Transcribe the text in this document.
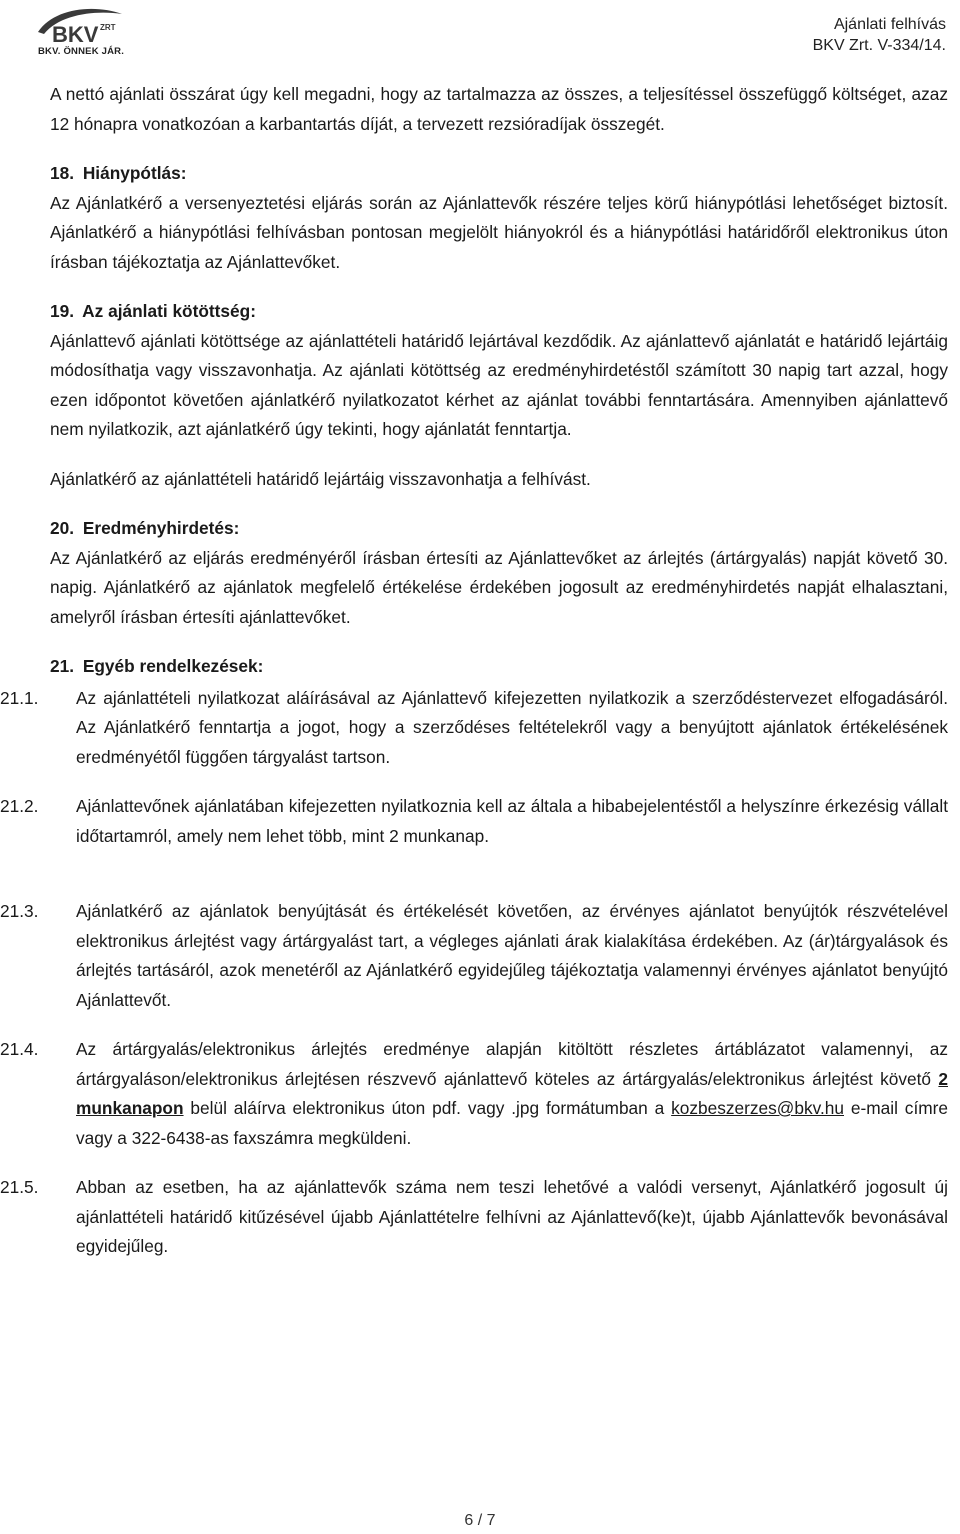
BKV ZRT
BKV. ÖNNEK JÁR.
Ajánlati felhívás
BKV Zrt. V-334/14.

A nettó ajánlati összárat úgy kell megadni, hogy az tartalmazza az összes, a teljesítéssel összefüggő költséget, azaz 12 hónapra vonatkozóan a karbantartás díját, a tervezett rezsióradíjak összegét.

18. Hiánypótlás:

Az Ajánlatkérő a versenyeztetési eljárás során az Ajánlattevők részére teljes körű hiánypótlási lehetőséget biztosít. Ajánlatkérő a hiánypótlási felhívásban pontosan megjelölt hiányokról és a hiánypótlási határidőről elektronikus úton írásban tájékoztatja az Ajánlattevőket.

19. Az ajánlati kötöttség:

Ajánlattevő ajánlati kötöttsége az ajánlattételi határidő lejártával kezdődik. Az ajánlattevő ajánlatát e határidő lejártáig módosíthatja vagy visszavonhatja. Az ajánlati kötöttség az eredményhirdetéstől számított 30 napig tart azzal, hogy ezen időpontot követően ajánlatkérő nyilatkozatot kérhet az ajánlat további fenntartására. Amennyiben ajánlattevő nem nyilatkozik, azt ajánlatkérő úgy tekinti, hogy ajánlatát fenntartja.

Ajánlatkérő az ajánlattételi határidő lejártáig visszavonhatja a felhívást.

20. Eredményhirdetés:

Az Ajánlatkérő az eljárás eredményéről írásban értesíti az Ajánlattevőket az árlejtés (ártárgyalás) napját követő 30. napig. Ajánlatkérő az ajánlatok megfelelő értékelése érdekében jogosult az eredményhirdetés napját elhalasztani, amelyről írásban értesíti ajánlattevőket.

21. Egyéb rendelkezések:
21.1.	Az ajánlattételi nyilatkozat aláírásával az Ajánlattevő kifejezetten nyilatkozik a szerződéstervezet elfogadásáról. Az Ajánlatkérő fenntartja a jogot, hogy a szerződéses feltételekről vagy a benyújtott ajánlatok értékelésének eredményétől függően tárgyalást tartson.

21.2.	Ajánlattevőnek ajánlatában kifejezetten nyilatkoznia kell az általa a hibabejelentéstől a helyszínre érkezésig vállalt időtartamról, amely nem lehet több, mint 2 munkanap.

21.3.	Ajánlatkérő az ajánlatok benyújtását és értékelését követően, az érvényes ajánlatot benyújtók részvételével elektronikus árlejtést vagy ártárgyalást tart, a végleges ajánlati árak kialakítása érdekében. Az (ár)tárgyalások és árlejtés tartásáról, azok menetéről az Ajánlatkérő egyidejűleg tájékoztatja valamennyi érvényes ajánlatot benyújtó Ajánlattevőt.

21.4.	Az ártárgyalás/elektronikus árlejtés eredménye alapján kitöltött részletes ártáblázatot valamennyi, az ártárgyaláson/elektronikus árlejtésen részvevő ajánlattevő köteles az ártárgyalás/elektronikus árlejtést követő 2 munkanapon belül aláírva elektronikus úton pdf. vagy .jpg formátumban a kozbeszerzes@bkv.hu e-mail címre vagy a 322-6438-as faxszámra megküldeni.

21.5.	Abban az esetben, ha az ajánlattevők száma nem teszi lehetővé a valódi versenyt, Ajánlatkérő jogosult új ajánlattételi határidő kitűzésével újabb Ajánlattételre felhívni az Ajánlattevő(ke)t, újabb Ajánlattevők bevonásával egyidejűleg.

6 / 7
